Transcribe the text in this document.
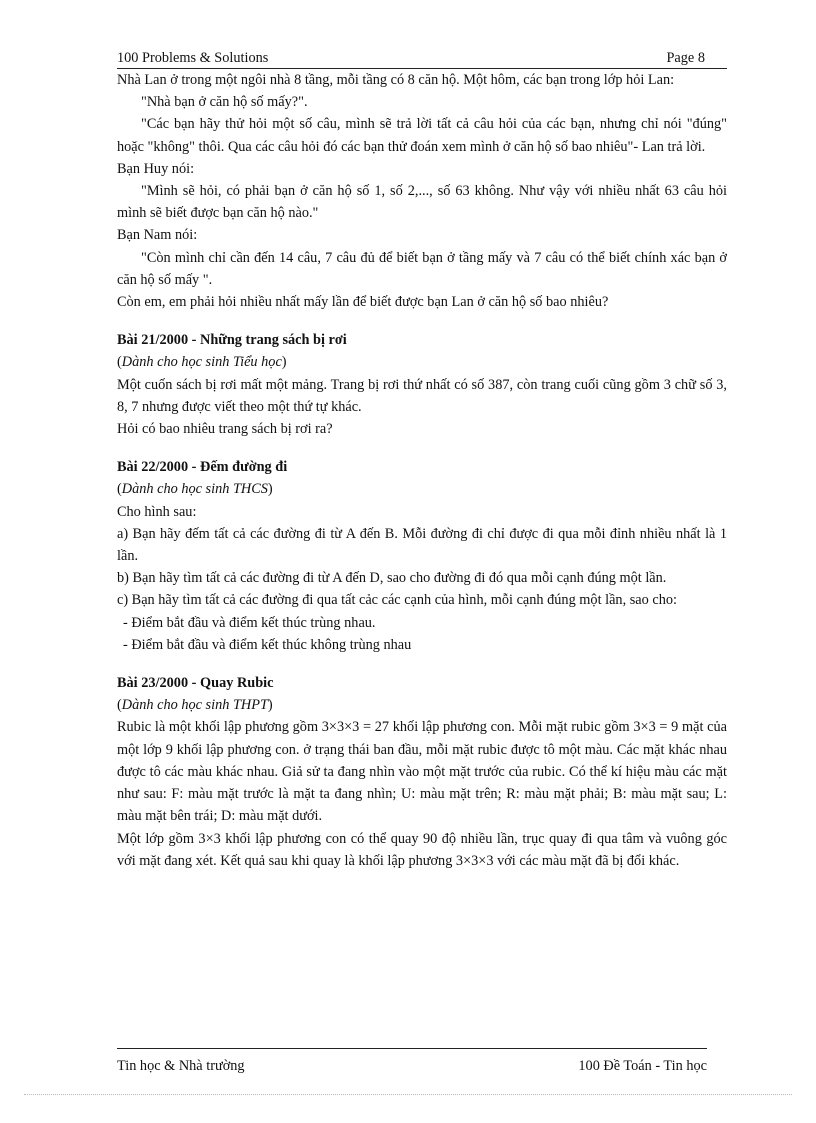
100 Problems & Solutions	Page 8

Nhà Lan ở trong một ngôi nhà 8 tầng, mỗi tầng có 8 căn hộ. Một hôm, các bạn trong lớp hỏi Lan:

"Nhà bạn ở căn hộ số mấy?".

"Các bạn hãy thử hỏi một số câu, mình sẽ trả lời tất cả câu hỏi của các bạn, nhưng chỉ nói "đúng" hoặc "không" thôi. Qua các câu hỏi đó các bạn thử đoán xem mình ở căn hộ số bao nhiêu"- Lan trả lời.

Bạn Huy nói:

"Mình sẽ hỏi, có phải bạn ở căn hộ số 1, số 2,..., số 63 không. Như vậy với nhiều nhất 63 câu hỏi mình sẽ biết được bạn căn hộ nào."

Bạn Nam nói:

"Còn mình chỉ cần đến 14 câu, 7 câu đủ để biết bạn ở tầng mấy và 7 câu có thể biết chính xác bạn ở căn hộ số mấy ".

Còn em, em phải hỏi nhiều nhất mấy lần để biết được bạn Lan ở căn hộ số bao nhiêu?

Bài 21/2000 - Những trang sách bị rơi
(Dành cho học sinh Tiểu học)

Một cuốn sách bị rơi mất một mảng. Trang bị rơi thứ nhất có số 387, còn trang cuối cũng gồm 3 chữ số 3, 8, 7 nhưng được viết theo một thứ tự khác.

Hỏi có bao nhiêu trang sách bị rơi ra?

Bài 22/2000 - Đếm đường đi
(Dành cho học sinh THCS)

Cho hình sau:

a) Bạn hãy đếm tất cả các đường đi từ A đến B. Mỗi đường đi chỉ được đi qua mỗi đỉnh nhiều nhất là 1 lần.

b) Bạn hãy tìm tất cả các đường đi từ A đến D, sao cho đường đi đó qua mỗi cạnh đúng một lần.

c) Bạn hãy tìm tất cả các đường đi qua tất cảc các cạnh của hình, mỗi cạnh đúng một lần, sao cho:

- Điểm bắt đầu và điểm kết thúc trùng nhau.
- Điểm bắt đầu và điểm kết thúc không trùng nhau
Bài 23/2000 - Quay Rubic
(Dành cho học sinh THPT)

Rubic là một khối lập phương gồm 3×3×3 = 27 khối lập phương con. Mỗi mặt rubic gồm 3×3 = 9 mặt của một lớp 9 khối lập phương con. ở trạng thái ban đầu, mỗi mặt rubic được tô một màu. Các mặt khác nhau được tô các màu khác nhau. Giả sử ta đang nhìn vào một mặt trước của rubic. Có thể kí hiệu màu các mặt như sau: F: màu mặt trước là mặt ta đang nhìn; U: màu mặt trên; R: màu mặt phải; B: màu mặt sau; L: màu mặt bên trái; D: màu mặt dưới.

Một lớp gồm 3×3 khối lập phương con có thể quay 90 độ nhiều lần, trục quay đi qua tâm và vuông góc với mặt đang xét. Kết quả sau khi quay là khối lập phương 3×3×3 với các màu mặt đã bị đổi khác.

Tin học & Nhà trường	100 Đề Toán - Tin học
